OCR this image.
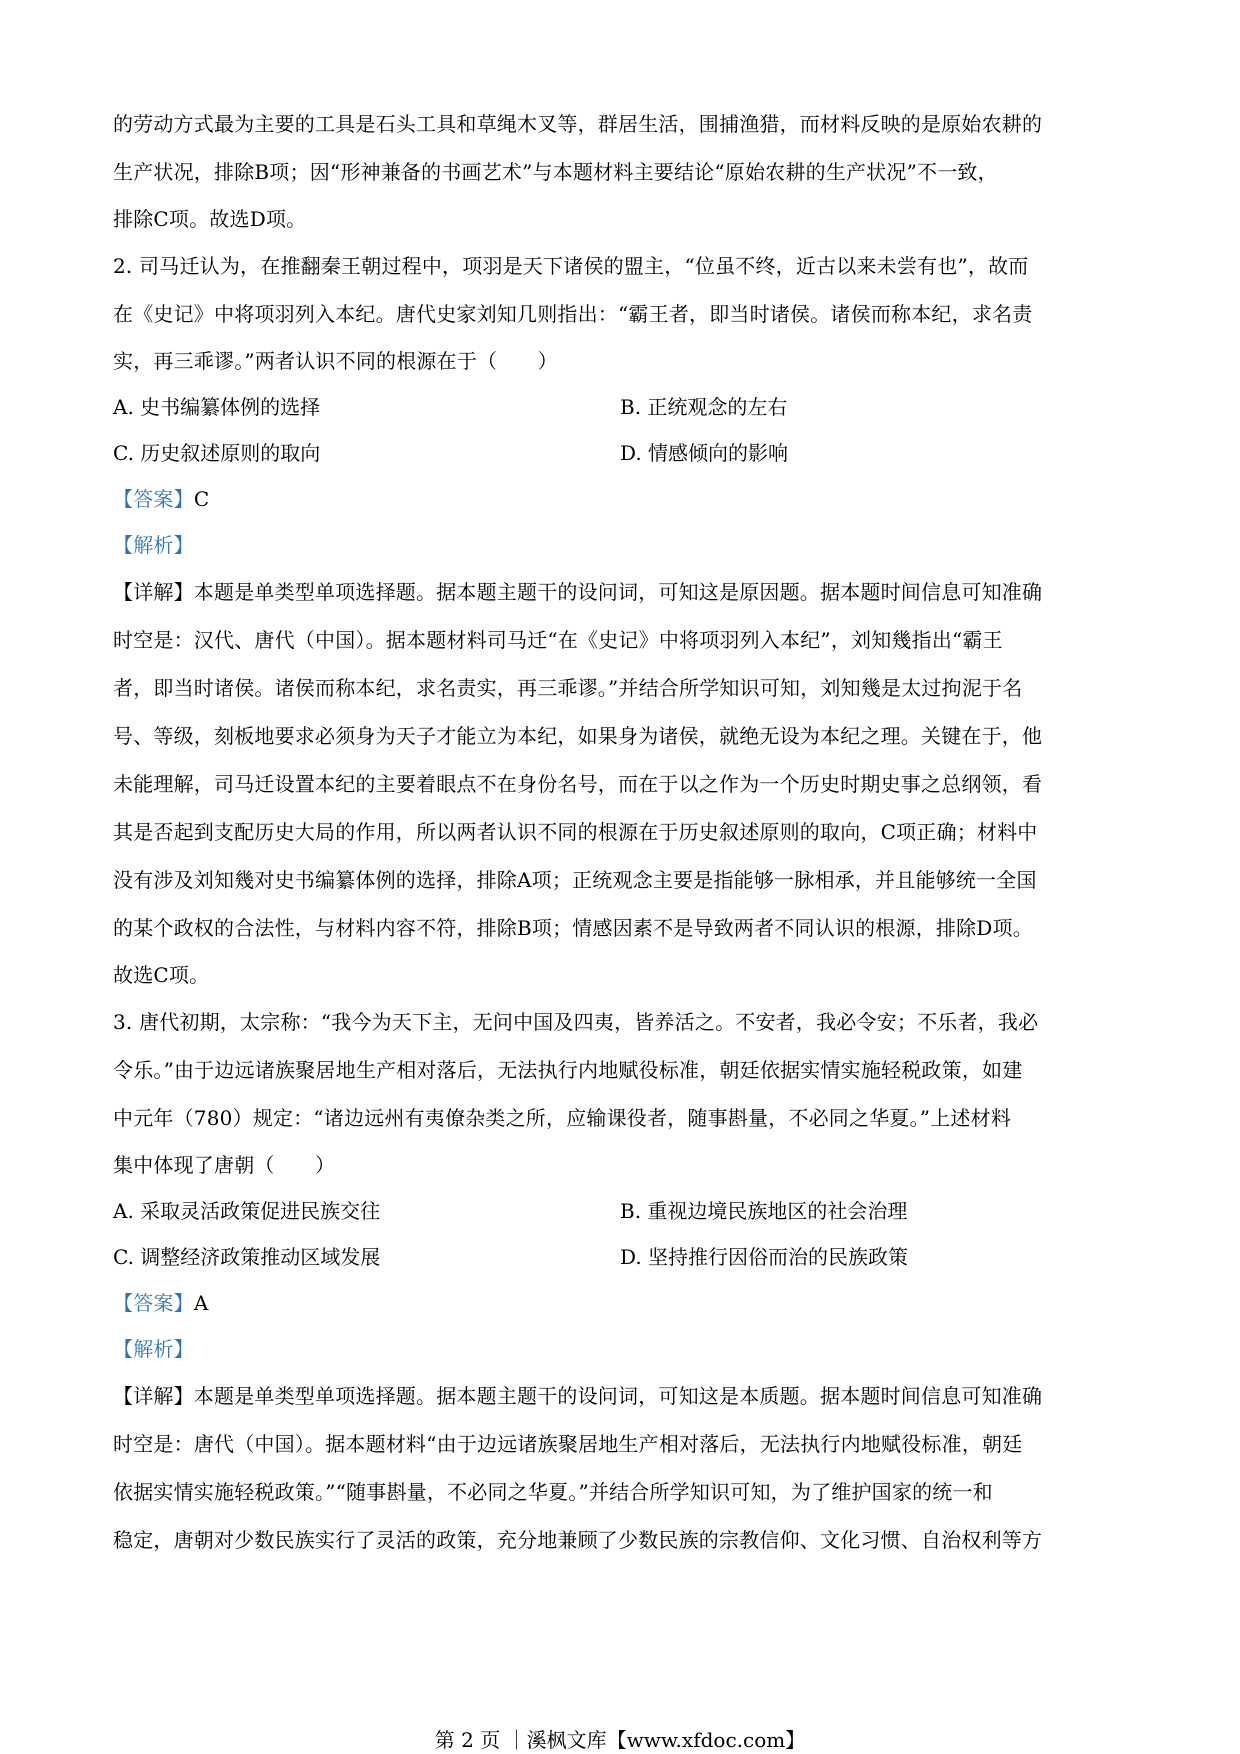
的劳动方式最为主要的工具是石头工具和草绳木叉等，群居生活，围捕渔猎，而材料反映的是原始农耕的
生产状况，排除B项；因“形神兼备的书画艺术”与本题材料主要结论“原始农耕的生产状况”不一致，
排除C项。故选D项。
2. 司马迁认为，在推翻秦王朝过程中，项羽是天下诸侯的盟主，“位虽不终，近古以来未尝有也”，故而
在《史记》中将项羽列入本纪。唐代史家刘知几则指出：“霸王者，即当时诸侯。诸侯而称本纪，求名责
实，再三乖谬。”两者认识不同的根源在于（　　）
A. 史书编纂体例的选择	B. 正统观念的左右
C. 历史叙述原则的取向	D. 情感倾向的影响
【答案】C
【解析】
【详解】本题是单类型单项选择题。据本题主题干的设问词，可知这是原因题。据本题时间信息可知准确
时空是：汉代、唐代（中国）。据本题材料司马迁“在《史记》中将项羽列入本纪”，刘知幾指出“霸王
者，即当时诸侯。诸侯而称本纪，求名责实，再三乖谬。”并结合所学知识可知，刘知幾是太过拘泥于名
号、等级，刻板地要求必须身为天子才能立为本纪，如果身为诸侯，就绝无设为本纪之理。关键在于，他
未能理解，司马迁设置本纪的主要着眼点不在身份名号，而在于以之作为一个历史时期史事之总纲领，看
其是否起到支配历史大局的作用，所以两者认识不同的根源在于历史叙述原则的取向，C项正确；材料中
没有涉及刘知幾对史书编纂体例的选择，排除A项；正统观念主要是指能够一脉相承，并且能够统一全国
的某个政权的合法性，与材料内容不符，排除B项；情感因素不是导致两者不同认识的根源，排除D项。
故选C项。
3. 唐代初期，太宗称：“我今为天下主，无问中国及四夷，皆养活之。不安者，我必令安；不乐者，我必
令乐。”由于边远诸族聚居地生产相对落后，无法执行内地赋役标准，朝廷依据实情实施轻税政策，如建
中元年（780）规定：“诸边远州有夷僚杂类之所，应输课役者，随事斟量，不必同之华夏。”上述材料
集中体现了唐朝（　　）
A. 采取灵活政策促进民族交往	B. 重视边境民族地区的社会治理
C. 调整经济政策推动区域发展	D. 坚持推行因俗而治的民族政策
【答案】A
【解析】
【详解】本题是单类型单项选择题。据本题主题干的设问词，可知这是本质题。据本题时间信息可知准确
时空是：唐代（中国）。据本题材料“由于边远诸族聚居地生产相对落后，无法执行内地赋役标准，朝廷
依据实情实施轻税政策。”“随事斟量，不必同之华夏。”并结合所学知识可知，为了维护国家的统一和
稳定，唐朝对少数民族实行了灵活的政策，充分地兼顾了少数民族的宗教信仰、文化习惯、自治权利等方
第 2 页 ｜溪枫文库【www.xfdoc.com】
